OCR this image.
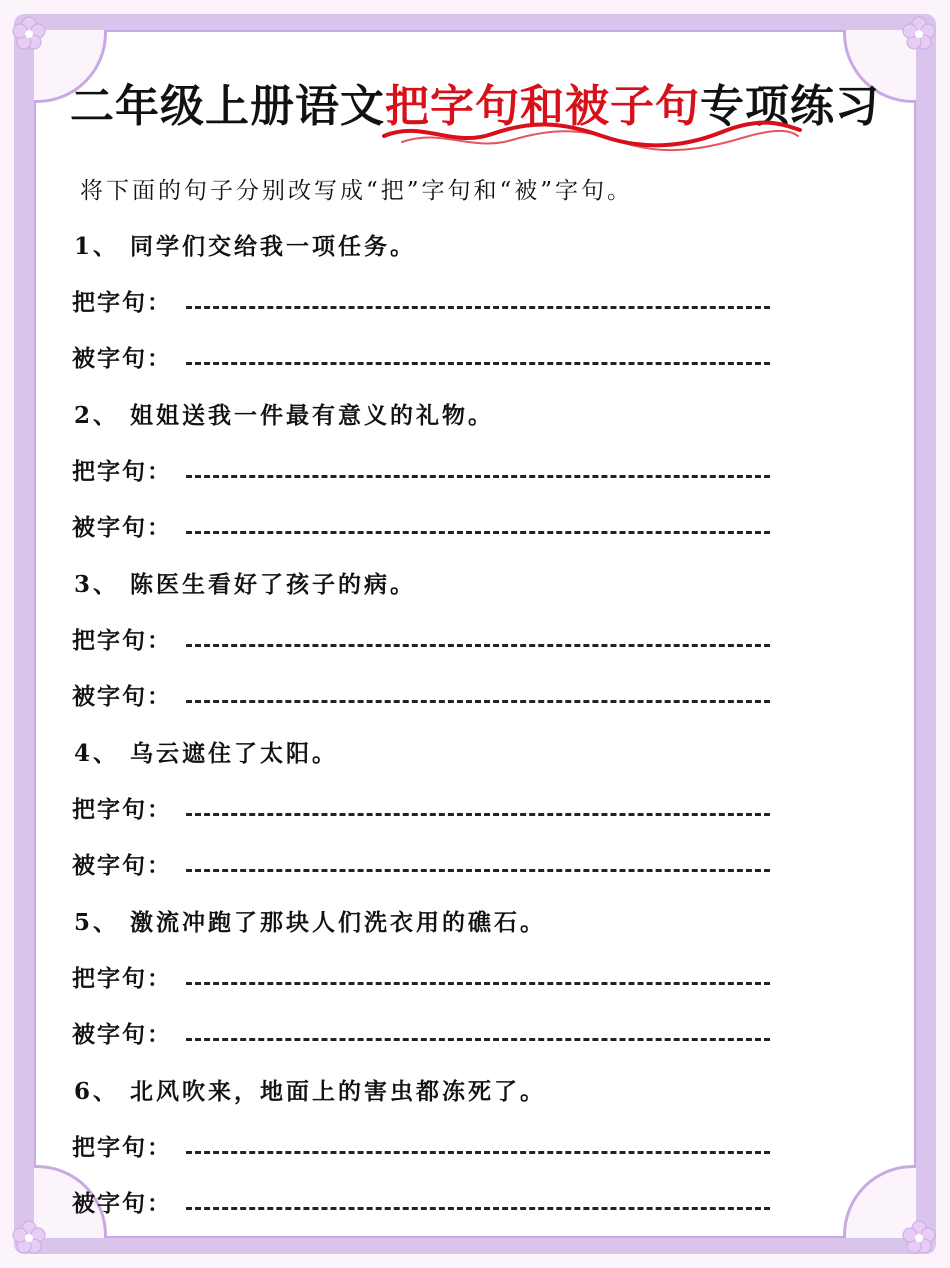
二年级上册语文把字句和被子句专项练习
将下面的句子分别改写成“把”字句和“被”字句。
1、 同学们交给我一项任务。
把字句：
被字句：
2、 姐姐送我一件最有意义的礼物。
把字句：
被字句：
3、 陈医生看好了孩子的病。
把字句：
被字句：
4、 乌云遮住了太阳。
把字句：
被字句：
5、 激流冲跑了那块人们洗衣用的礁石。
把字句：
被字句：
6、 北风吹来，地面上的害虫都冻死了。
把字句：
被字句：
